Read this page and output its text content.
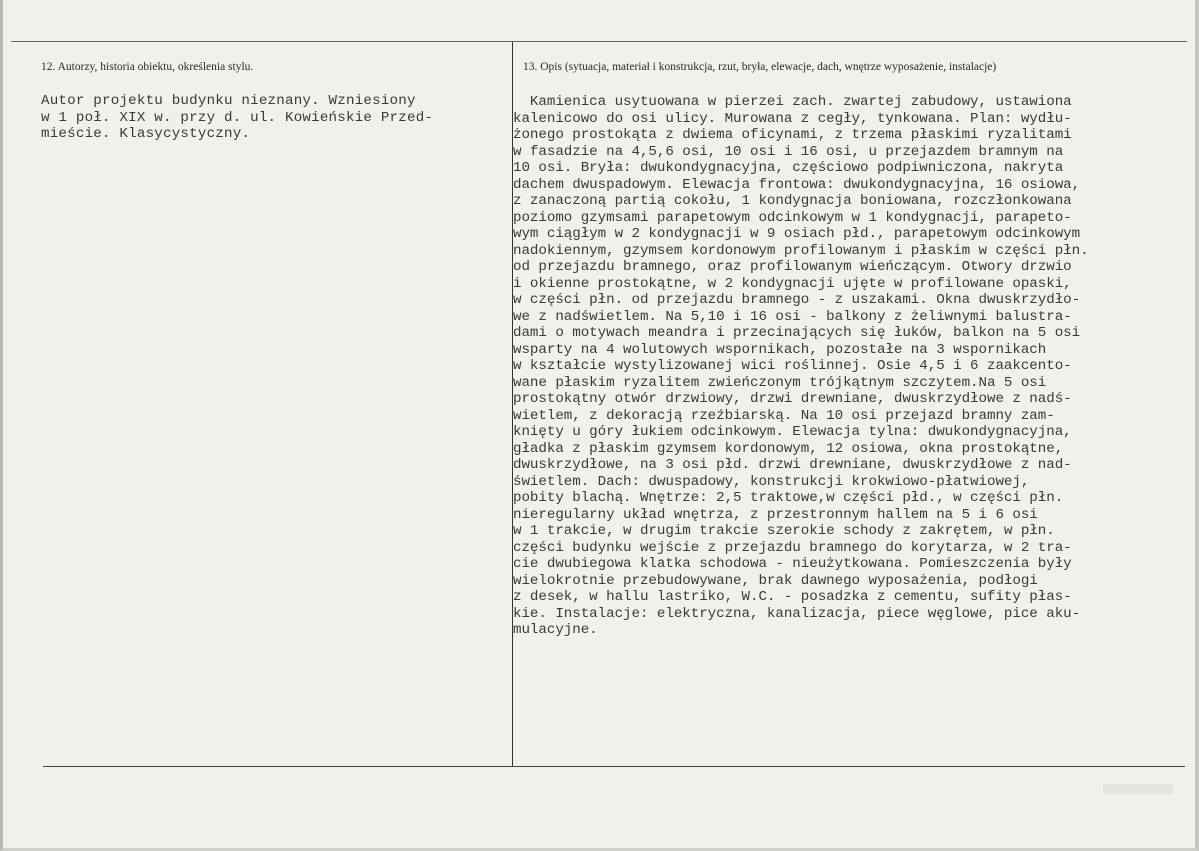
12. Autorzy, historia obiektu, określenia stylu.	13. Opis (sytuacja, materiał i konstrukcja, rzut, bryła, elewacje, dach, wnętrze wyposażenie, instalacje)
· · · · · · · · · ·
Autor projektu budynku nieznany. Wzniesiony
w 1 poł. XIX w. przy d. ul. Kowieńskie Przed-
mieście. Klasycystyczny.
Kamienica usytuowana w pierzei zach. zwartej zabudowy, ustawiona
kalenicowo do osi ulicy. Murowana z cegły, tynkowana. Plan: wydłu-
żonego prostokąta z dwiema oficynami, z trzema płaskimi ryzalitami
w fasadzie na 4,5,6 osi, 10 osi i 16 osi, u przejazdem bramnym na
10 osi. Bryła: dwukondygnacyjna, częściowo podpiwniczona, nakryta
dachem dwuspadowym. Elewacja frontowa: dwukondygnacyjna, 16 osiowa,
z zanaczoną partią cokołu, 1 kondygnacja boniowana, rozczłonkowana
poziomo gzymsami parapetowym odcinkowym w 1 kondygnacji, parapeto-
wym ciągłym w 2 kondygnacji w 9 osiach płd., parapetowym odcinkowym
nadokiennym, gzymsem kordonowym profilowanym i płaskim w części płn.
od przejazdu bramnego, oraz profilowanym wieńczącym. Otwory drzwio
i okienne prostokątne, w 2 kondygnacji ujęte w profilowane opaski,
w części płn. od przejazdu bramnego - z uszakami. Okna dwuskrzydło-
we z nadświetlem. Na 5,10 i 16 osi - balkony z żeliwnymi balustra-
dami o motywach meandra i przecinających się łuków, balkon na 5 osi
wsparty na 4 wolutowych wspornikach, pozostałe na 3 wspornikach
w kształcie wystylizowanej wici roślinnej. Osie 4,5 i 6 zaakcento-
wane płaskim ryzalitem zwieńczonym trójkątnym szczytem.Na 5 osi
prostokątny otwór drzwiowy, drzwi drewniane, dwuskrzydłowe z nadś-
wietlem, z dekoracją rzeźbiarską. Na 10 osi przejazd bramny zam-
knięty u góry łukiem odcinkowym. Elewacja tylna: dwukondygnacyjna,
gładka z płaskim gzymsem kordonowym, 12 osiowa, okna prostokątne,
dwuskrzydłowe, na 3 osi płd. drzwi drewniane, dwuskrzydłowe z nad-
świetlem. Dach: dwuspadowy, konstrukcji krokwiowo-płatwiowej,
pobity blachą. Wnętrze: 2,5 traktowe,w części płd., w części płn.
nieregularny układ wnętrza, z przestronnym hallem na 5 i 6 osi
w 1 trakcie, w drugim trakcie szerokie schody z zakrętem, w płn.
części budynku wejście z przejazdu bramnego do korytarza, w 2 tra-
cie dwubiegowa klatka schodowa - nieużytkowana. Pomieszczenia były
wielokrotnie przebudowywane, brak dawnego wyposażenia, podłogi
z desek, w hallu lastriko, W.C. - posadzka z cementu, sufity płas-
kie. Instalacje: elektryczna, kanalizacja, piece węglowe, pice aku-
mulacyjne.
